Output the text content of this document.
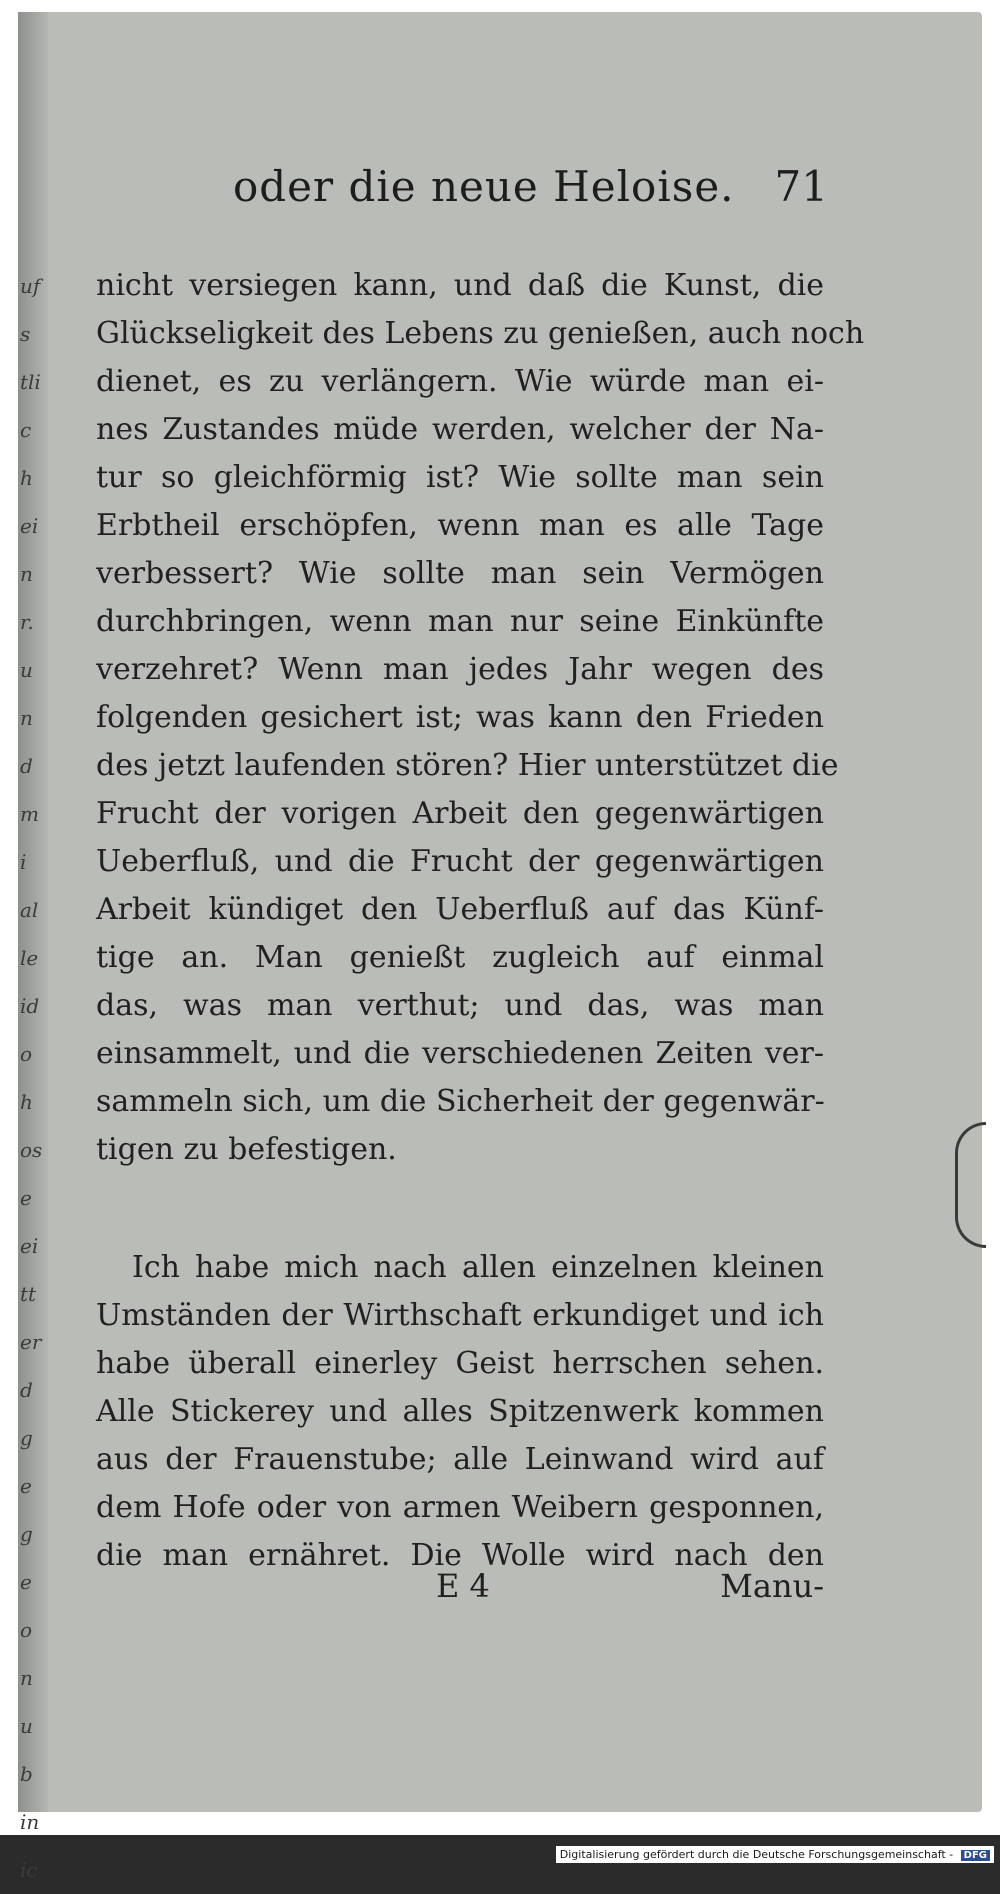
ufs tlich ein r. und mi alle id oh ose ei tt er d ge ge on ub in ic
oder die neue Heloise. 71
nicht versiegen kann, und daß die Kunst, die
Glückseligkeit des Lebens zu genießen, auch noch
dienet, es zu verlängern. Wie würde man ei-
nes Zustandes müde werden, welcher der Na-
tur so gleichförmig ist? Wie sollte man sein
Erbtheil erschöpfen, wenn man es alle Tage
verbessert? Wie sollte man sein Vermögen
durchbringen, wenn man nur seine Einkünfte
verzehret? Wenn man jedes Jahr wegen des
folgenden gesichert ist; was kann den Frieden
des jetzt laufenden stören? Hier unterstützet die
Frucht der vorigen Arbeit den gegenwärtigen
Ueberfluß, und die Frucht der gegenwärtigen
Arbeit kündiget den Ueberfluß auf das Künf-
tige an. Man genießt zugleich auf einmal
das, was man verthut; und das, was man
einsammelt, und die verschiedenen Zeiten ver-
sammeln sich, um die Sicherheit der gegenwär-
tigen zu befestigen.
Ich habe mich nach allen einzelnen kleinen
Umständen der Wirthschaft erkundiget und ich
habe überall einerley Geist herrschen sehen.
Alle Stickerey und alles Spitzenwerk kommen
aus der Frauenstube; alle Leinwand wird auf
dem Hofe oder von armen Weibern gesponnen,
die man ernähret. Die Wolle wird nach den
E 4	Manu-
Digitalisierung gefördert durch die Deutsche Forschungsgemeinschaft - DFG
